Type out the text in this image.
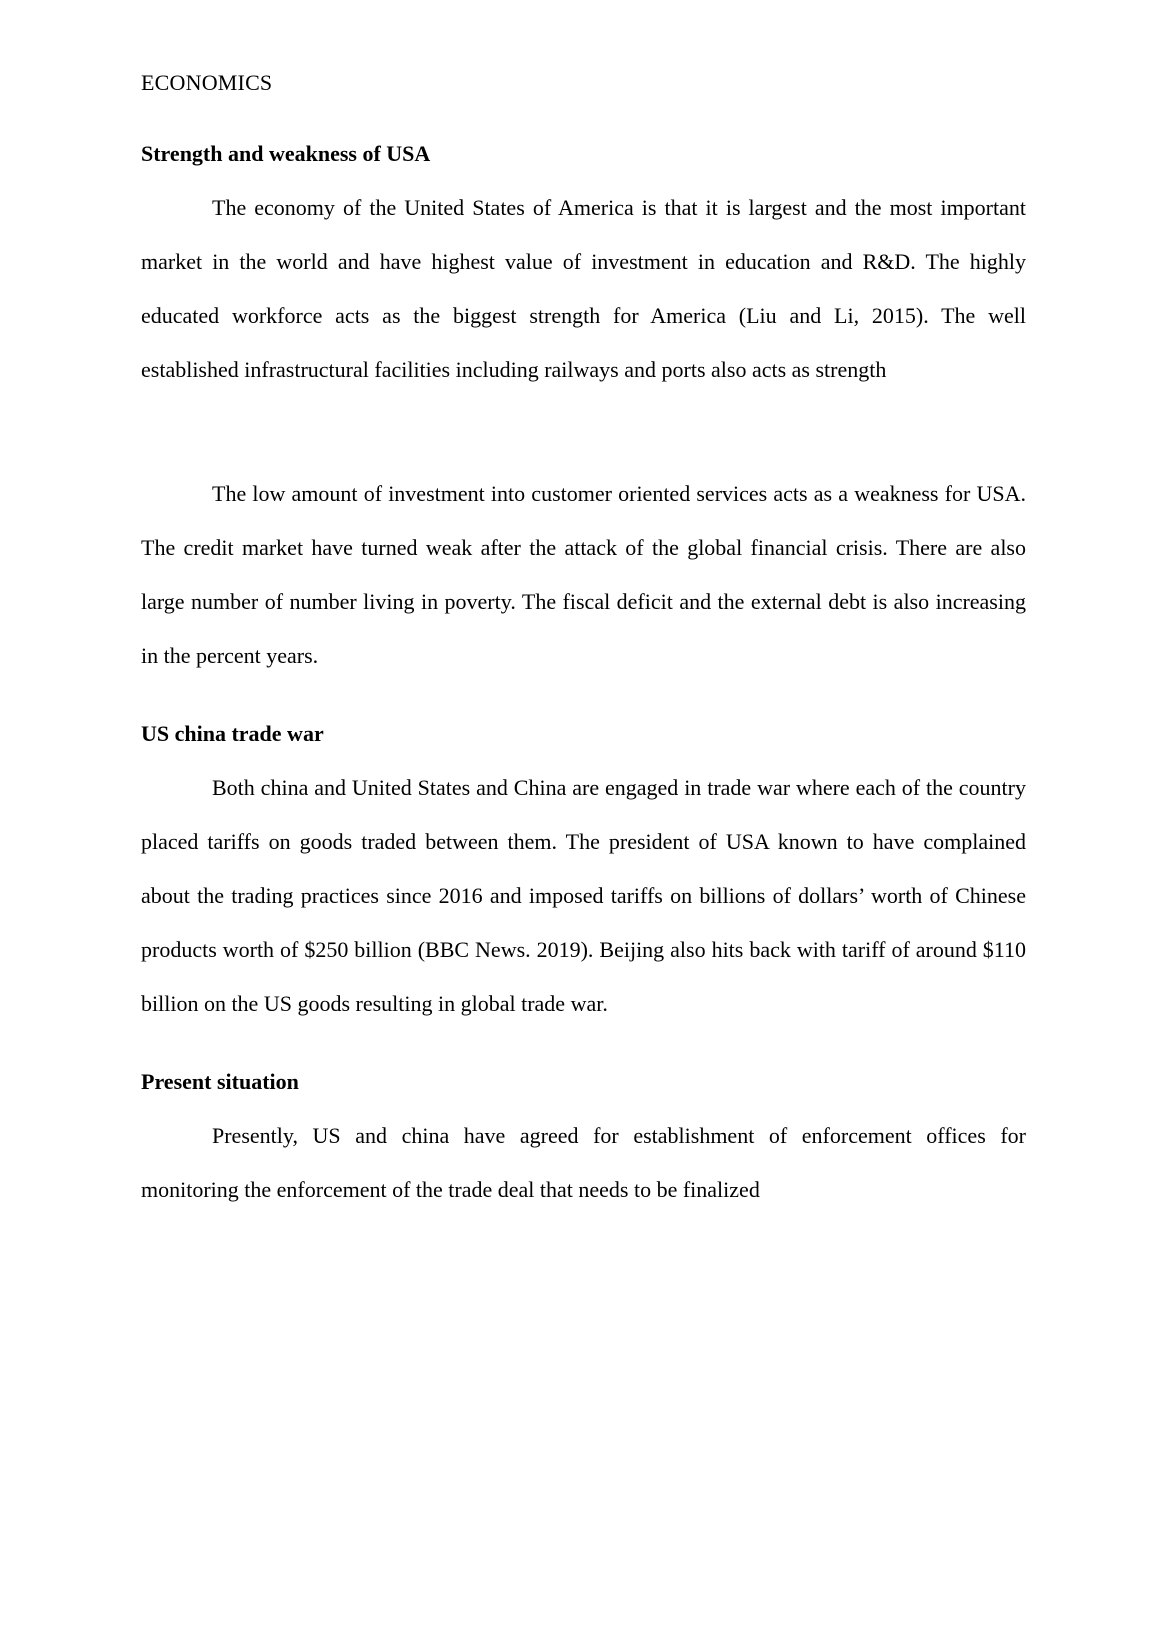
ECONOMICS
Strength and weakness of USA

The economy of the United States of America is that it is largest and the most important market in the world and have highest value of investment in education and R&D. The highly educated workforce acts as the biggest strength for America (Liu and Li, 2015). The well established infrastructural facilities including railways and ports also acts as strength

The low amount of investment into customer oriented services acts as a weakness for USA. The credit market have turned weak after the attack of the global financial crisis. There are also large number of number living in poverty. The fiscal deficit and the external debt is also increasing in the percent years.

US china trade war

Both china and United States and China are engaged in trade war where each of the country placed tariffs on goods traded between them. The president of USA known to have complained about the trading practices since 2016 and imposed tariffs on billions of dollars’ worth of Chinese products worth of $250 billion (BBC News. 2019). Beijing also hits back with tariff of around $110 billion on the US goods resulting in global trade war.

Present situation

Presently, US and china have agreed for establishment of enforcement offices for monitoring the enforcement of the trade deal that needs to be finalized
